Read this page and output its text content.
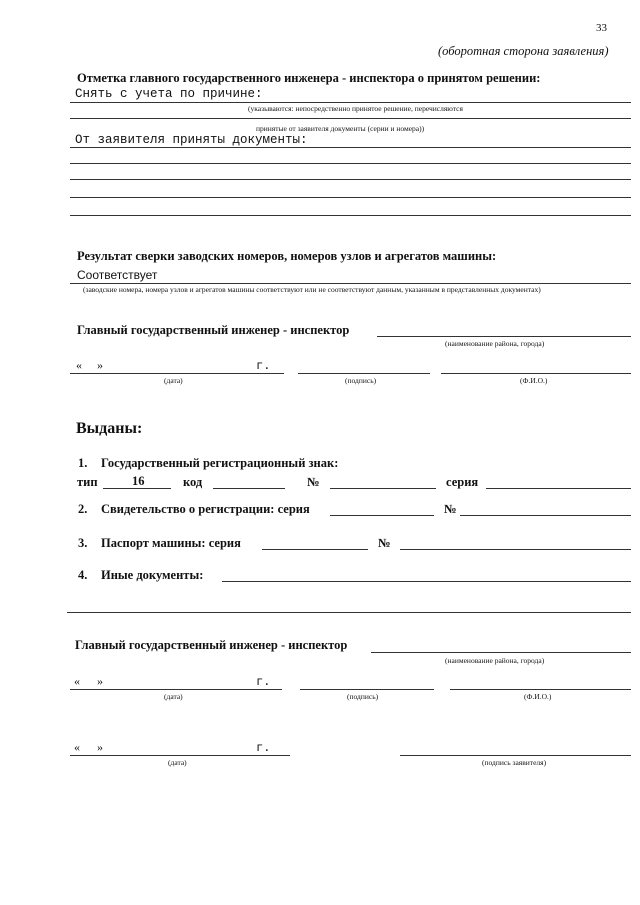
33
(оборотная сторона заявления)
Отметка главного государственного инженера - инспектора о принятом решении:
Снять с учета по причине:
(указываются: непосредственно принятое решение, перечисляются
принятые от заявителя документы (серии и номера))
От заявителя приняты документы:
Результат сверки заводских номеров, номеров узлов и агрегатов машины:
Соответствует
(заводские номера, номера узлов и агрегатов машины соответствуют или не соответствуют данным, указанным в представленных документах)
Главный государственный инженер - инспектор
(наименование района, города)
« »	г.
(дата)	(подпись)	(Ф.И.О.)
Выданы:
1. Государственный регистрационный знак:
тип	16	код	№	серия
2. Свидетельство о регистрации: серия	№
3. Паспорт машины: серия	№
4. Иные документы:
Главный государственный инженер - инспектор
(наименование района, города)
« »	г.
(дата)	(подпись)	(Ф.И.О.)
« »	г.
(дата)	(подпись заявителя)
